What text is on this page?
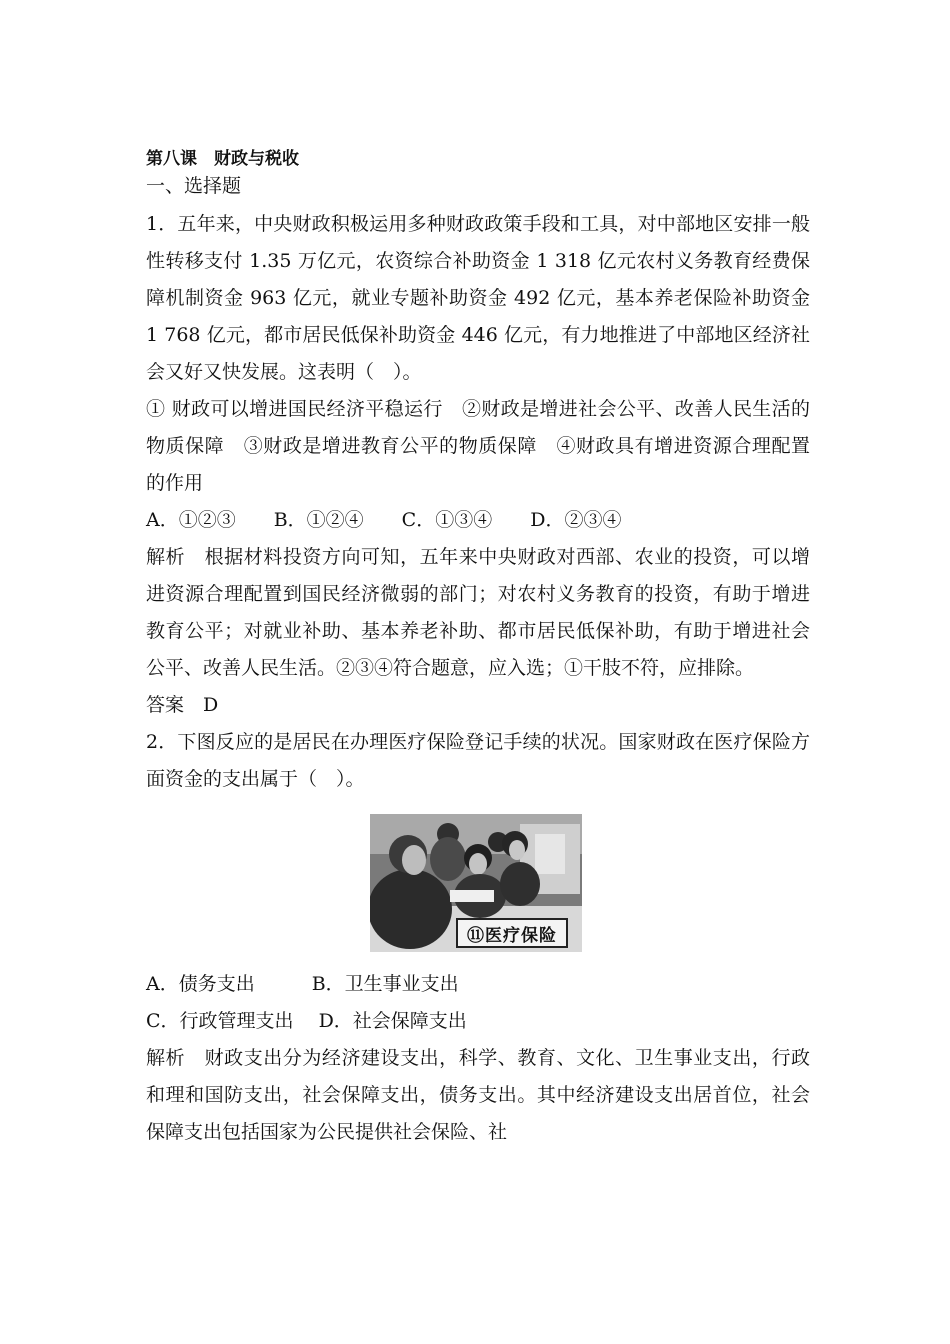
第八课　财政与税收
一、选择题

1．五年来，中央财政积极运用多种财政政策手段和工具，对中部地区安排一般性转移支付 1.35 万亿元，农资综合补助资金 1 318 亿元农村义务教育经费保障机制资金 963 亿元，就业专题补助资金 492 亿元，基本养老保险补助资金 1 768 亿元，都市居民低保补助资金 446 亿元，有力地推进了中部地区经济社会又好又快发展。这表明（　）。

① 财政可以增进国民经济平稳运行　②财政是增进社会公平、改善人民生活的物质保障　③财政是增进教育公平的物质保障　④财政具有增进资源合理配置的作用

A．①②③　　B．①②④　　C．①③④　　D．②③④

解析　根据材料投资方向可知，五年来中央财政对西部、农业的投资，可以增进资源合理配置到国民经济微弱的部门；对农村义务教育的投资，有助于增进教育公平；对就业补助、基本养老补助、都市居民低保补助，有助于增进社会公平、改善人民生活。②③④符合题意，应入选；①干肢不符，应排除。

答案　D

2．下图反应的是居民在办理医疗保险登记手续的状况。国家财政在医疗保险方面资金的支出属于（　）。

⑪医疗保险
A．债务支出　　　B．卫生事业支出
C．行政管理支出　 D．社会保障支出

解析　财政支出分为经济建设支出，科学、教育、文化、卫生事业支出，行政和理和国防支出，社会保障支出，债务支出。其中经济建设支出居首位，社会保障支出包括国家为公民提供社会保险、社
